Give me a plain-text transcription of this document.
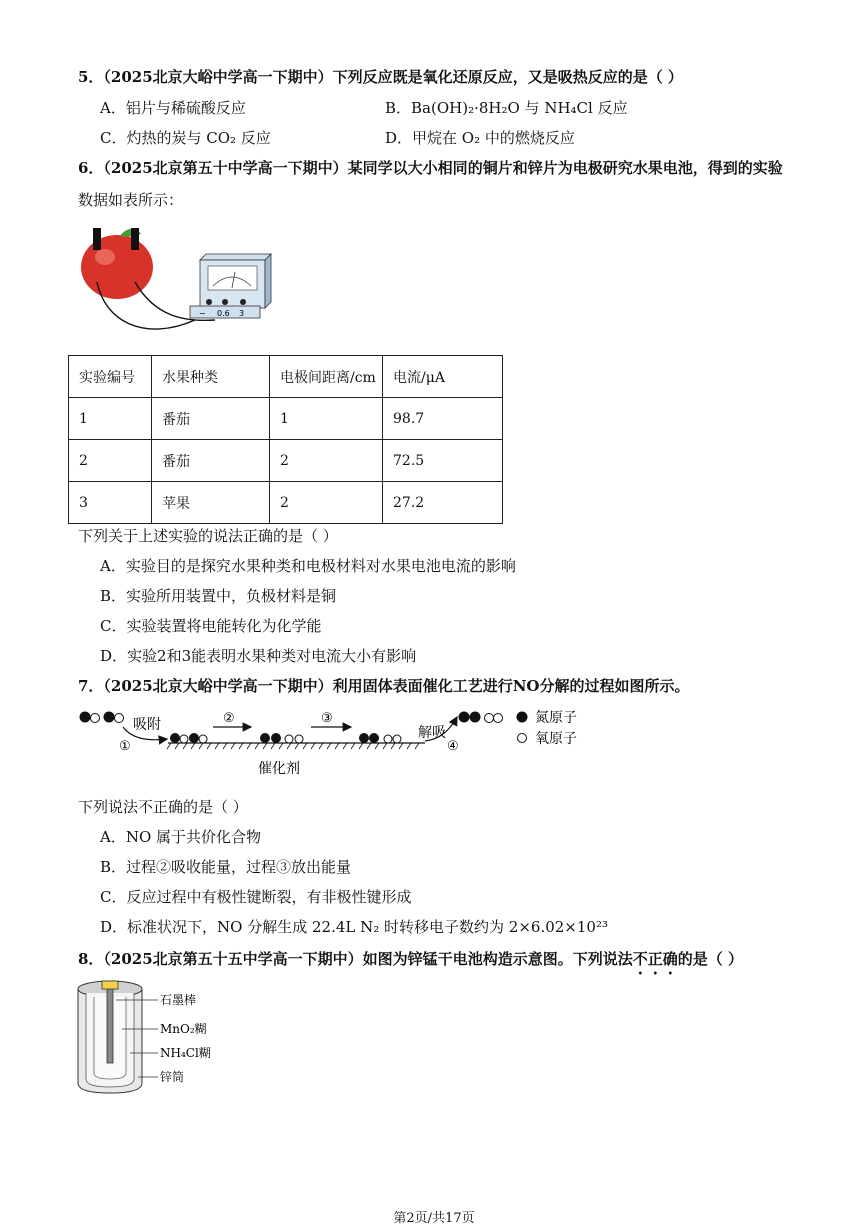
5．（2025北京大峪中学高一下期中）下列反应既是氧化还原反应，又是吸热反应的是（ ）
A．铝片与稀硫酸反应	B．Ba(OH)₂·8H₂O 与 NH₄Cl 反应
C．灼热的炭与 CO₂ 反应	D．甲烷在 O₂ 中的燃烧反应
6．（2025北京第五十中学高一下期中）某同学以大小相同的铜片和锌片为电极研究水果电池，得到的实验
数据如表所示：
− 0.6 3
实验编号	水果种类	电极间距离/cm	电流/μA
1	番茄	1	98.7
2	番茄	2	72.5
3	苹果	2	27.2
下列关于上述实验的说法正确的是（ ）
A．实验目的是探究水果种类和电极材料对水果电池电流的影响
B．实验所用装置中，负极材料是铜
C．实验装置将电能转化为化学能
D．实验2和3能表明水果种类对电流大小有影响
7．（2025北京大峪中学高一下期中）利用固体表面催化工艺进行NO分解的过程如图所示。
吸附
①
②	③
解吸
④
氮原子
氧原子
催化剂
下列说法不正确的是（ ）
A．NO 属于共价化合物
B．过程②吸收能量，过程③放出能量
C．反应过程中有极性键断裂，有非极性键形成
D．标准状况下，NO 分解生成 22.4L N₂ 时转移电子数约为 2×6.02×10²³
8．（2025北京第五十五中学高一下期中）如图为锌锰干电池构造示意图。下列说法不正确的是（ ）
石墨棒
MnO₂糊
NH₄Cl糊
锌筒
第2页/共17页
